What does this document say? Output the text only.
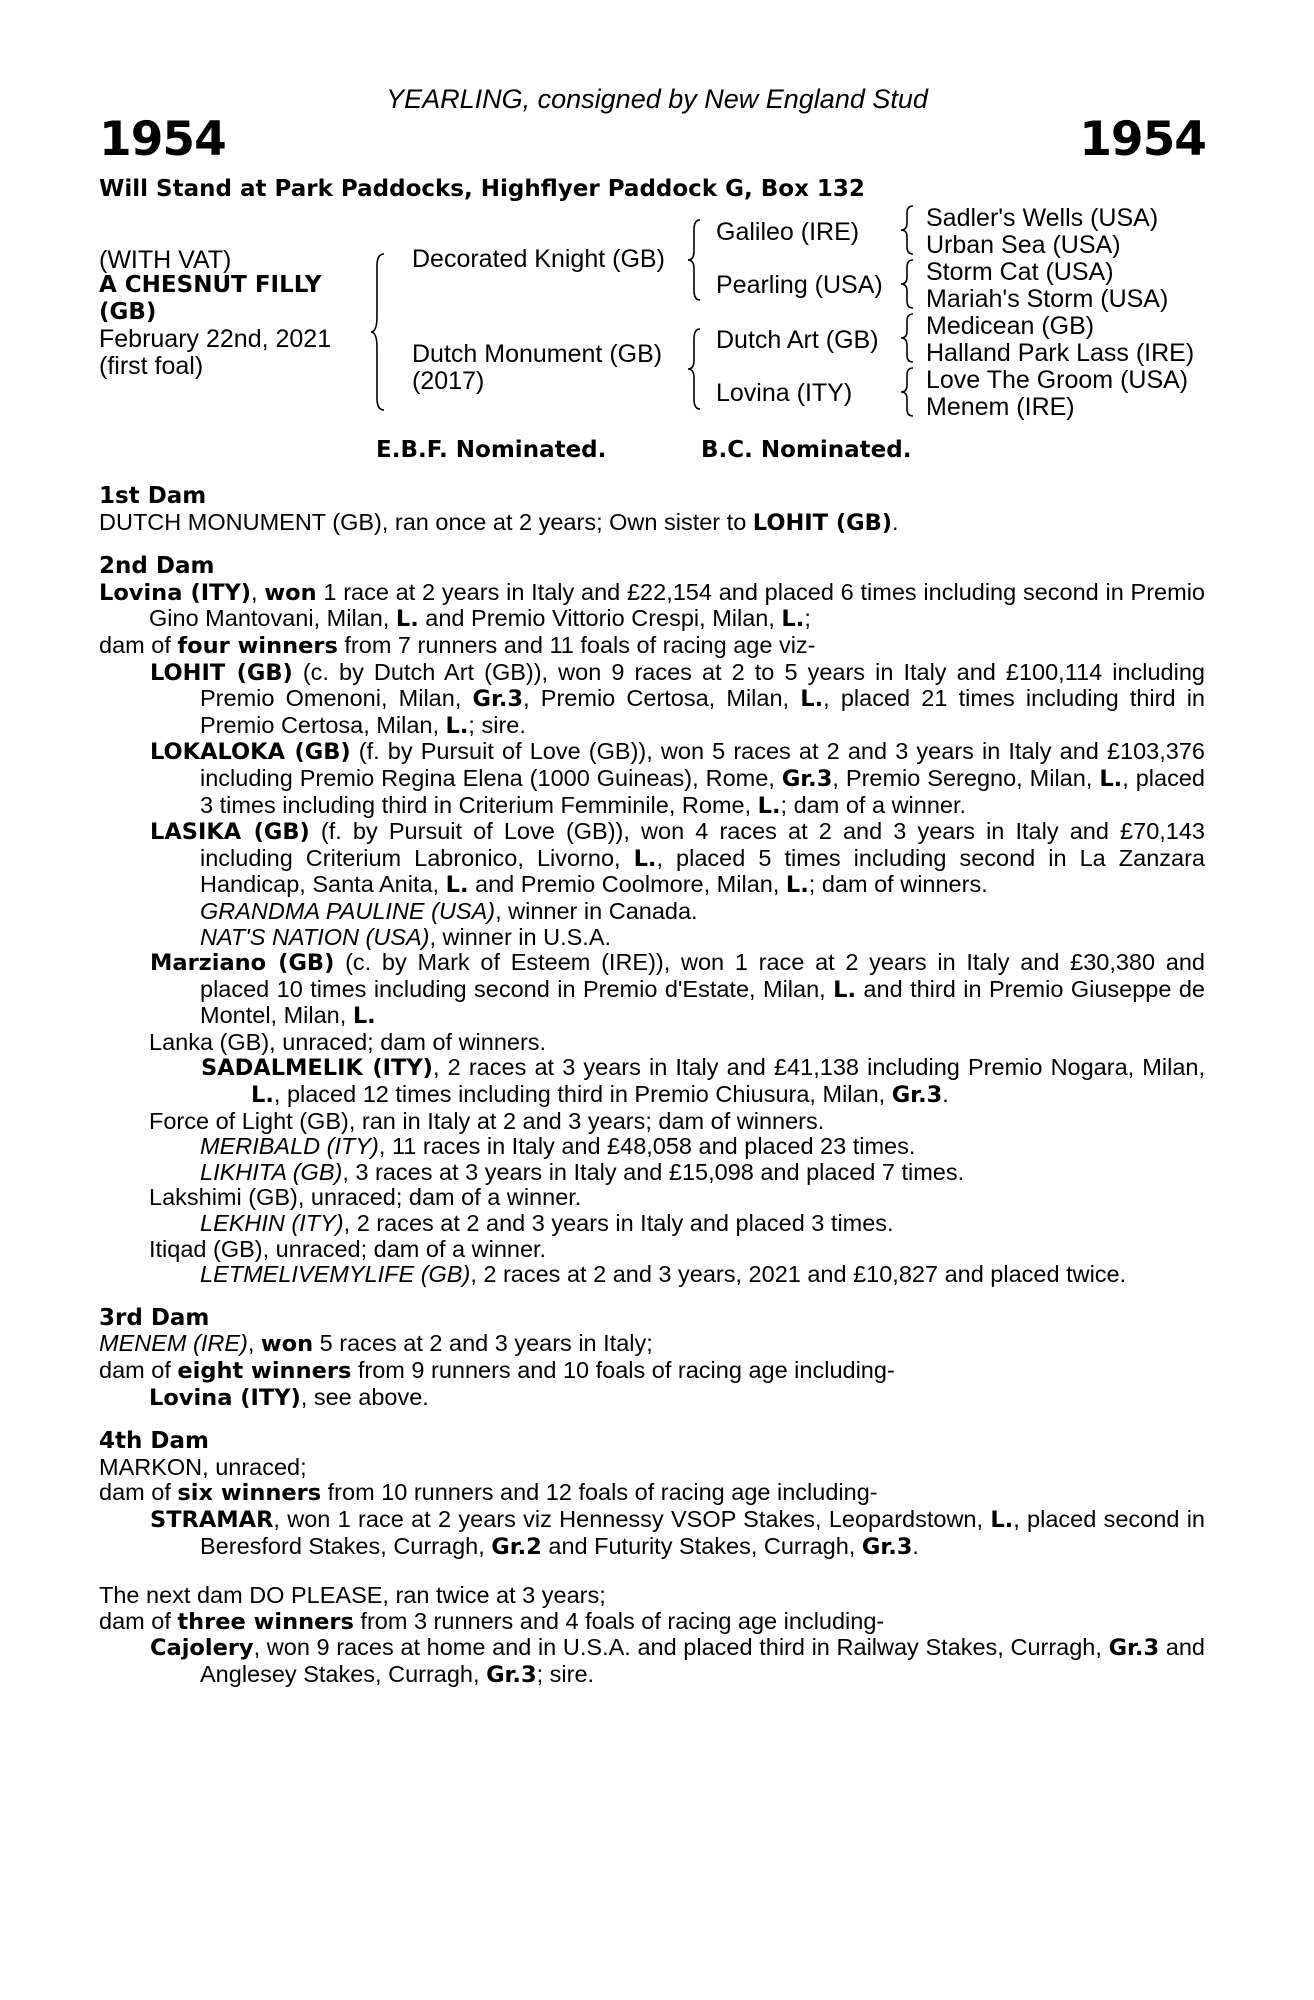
YEARLING, consigned by New England Stud
1954	1954
Will Stand at Park Paddocks, Highflyer Paddock G, Box 132
(WITH VAT)
A CHESNUT FILLY
(GB)
February 22nd, 2021
(first foal)
Decorated Knight (GB)
Dutch Monument (GB)
(2017)
Galileo (IRE)
Pearling (USA)
Dutch Art (GB)
Lovina (ITY)
Sadler's Wells (USA)
Urban Sea (USA)
Storm Cat (USA)
Mariah's Storm (USA)
Medicean (GB)
Halland Park Lass (IRE)
Love The Groom (USA)
Menem (IRE)
E.B.F. Nominated.	B.C. Nominated.

1st Dam

DUTCH MONUMENT (GB), ran once at 2 years; Own sister to LOHIT (GB).

2nd Dam

Lovina (ITY), won 1 race at 2 years in Italy and £22,154 and placed 6 times including second in Premio Gino Mantovani, Milan, L. and Premio Vittorio Crespi, Milan, L.;

dam of four winners from 7 runners and 11 foals of racing age viz-

LOHIT (GB) (c. by Dutch Art (GB)), won 9 races at 2 to 5 years in Italy and £100,114 including Premio Omenoni, Milan, Gr.3, Premio Certosa, Milan, L., placed 21 times including third in Premio Certosa, Milan, L.; sire.

LOKALOKA (GB) (f. by Pursuit of Love (GB)), won 5 races at 2 and 3 years in Italy and £103,376 including Premio Regina Elena (1000 Guineas), Rome, Gr.3, Premio Seregno, Milan, L., placed 3 times including third in Criterium Femminile, Rome, L.; dam of a winner.

LASIKA (GB) (f. by Pursuit of Love (GB)), won 4 races at 2 and 3 years in Italy and £70,143 including Criterium Labronico, Livorno, L., placed 5 times including second in La Zanzara Handicap, Santa Anita, L. and Premio Coolmore, Milan, L.; dam of winners.

GRANDMA PAULINE (USA), winner in Canada.

NAT'S NATION (USA), winner in U.S.A.

Marziano (GB) (c. by Mark of Esteem (IRE)), won 1 race at 2 years in Italy and £30,380 and placed 10 times including second in Premio d'Estate, Milan, L. and third in Premio Giuseppe de Montel, Milan, L.

Lanka (GB), unraced; dam of winners.

SADALMELIK (ITY), 2 races at 3 years in Italy and £41,138 including Premio Nogara, Milan, L., placed 12 times including third in Premio Chiusura, Milan, Gr.3.

Force of Light (GB), ran in Italy at 2 and 3 years; dam of winners.

MERIBALD (ITY), 11 races in Italy and £48,058 and placed 23 times.

LIKHITA (GB), 3 races at 3 years in Italy and £15,098 and placed 7 times.

Lakshimi (GB), unraced; dam of a winner.

LEKHIN (ITY), 2 races at 2 and 3 years in Italy and placed 3 times.

Itiqad (GB), unraced; dam of a winner.

LETMELIVEMYLIFE (GB), 2 races at 2 and 3 years, 2021 and £10,827 and placed twice.

3rd Dam

MENEM (IRE), won 5 races at 2 and 3 years in Italy;

dam of eight winners from 9 runners and 10 foals of racing age including-

Lovina (ITY), see above.

4th Dam

MARKON, unraced;

dam of six winners from 10 runners and 12 foals of racing age including-

STRAMAR, won 1 race at 2 years viz Hennessy VSOP Stakes, Leopardstown, L., placed second in Beresford Stakes, Curragh, Gr.2 and Futurity Stakes, Curragh, Gr.3.

The next dam DO PLEASE, ran twice at 3 years;

dam of three winners from 3 runners and 4 foals of racing age including-

Cajolery, won 9 races at home and in U.S.A. and placed third in Railway Stakes, Curragh, Gr.3 and Anglesey Stakes, Curragh, Gr.3; sire.
